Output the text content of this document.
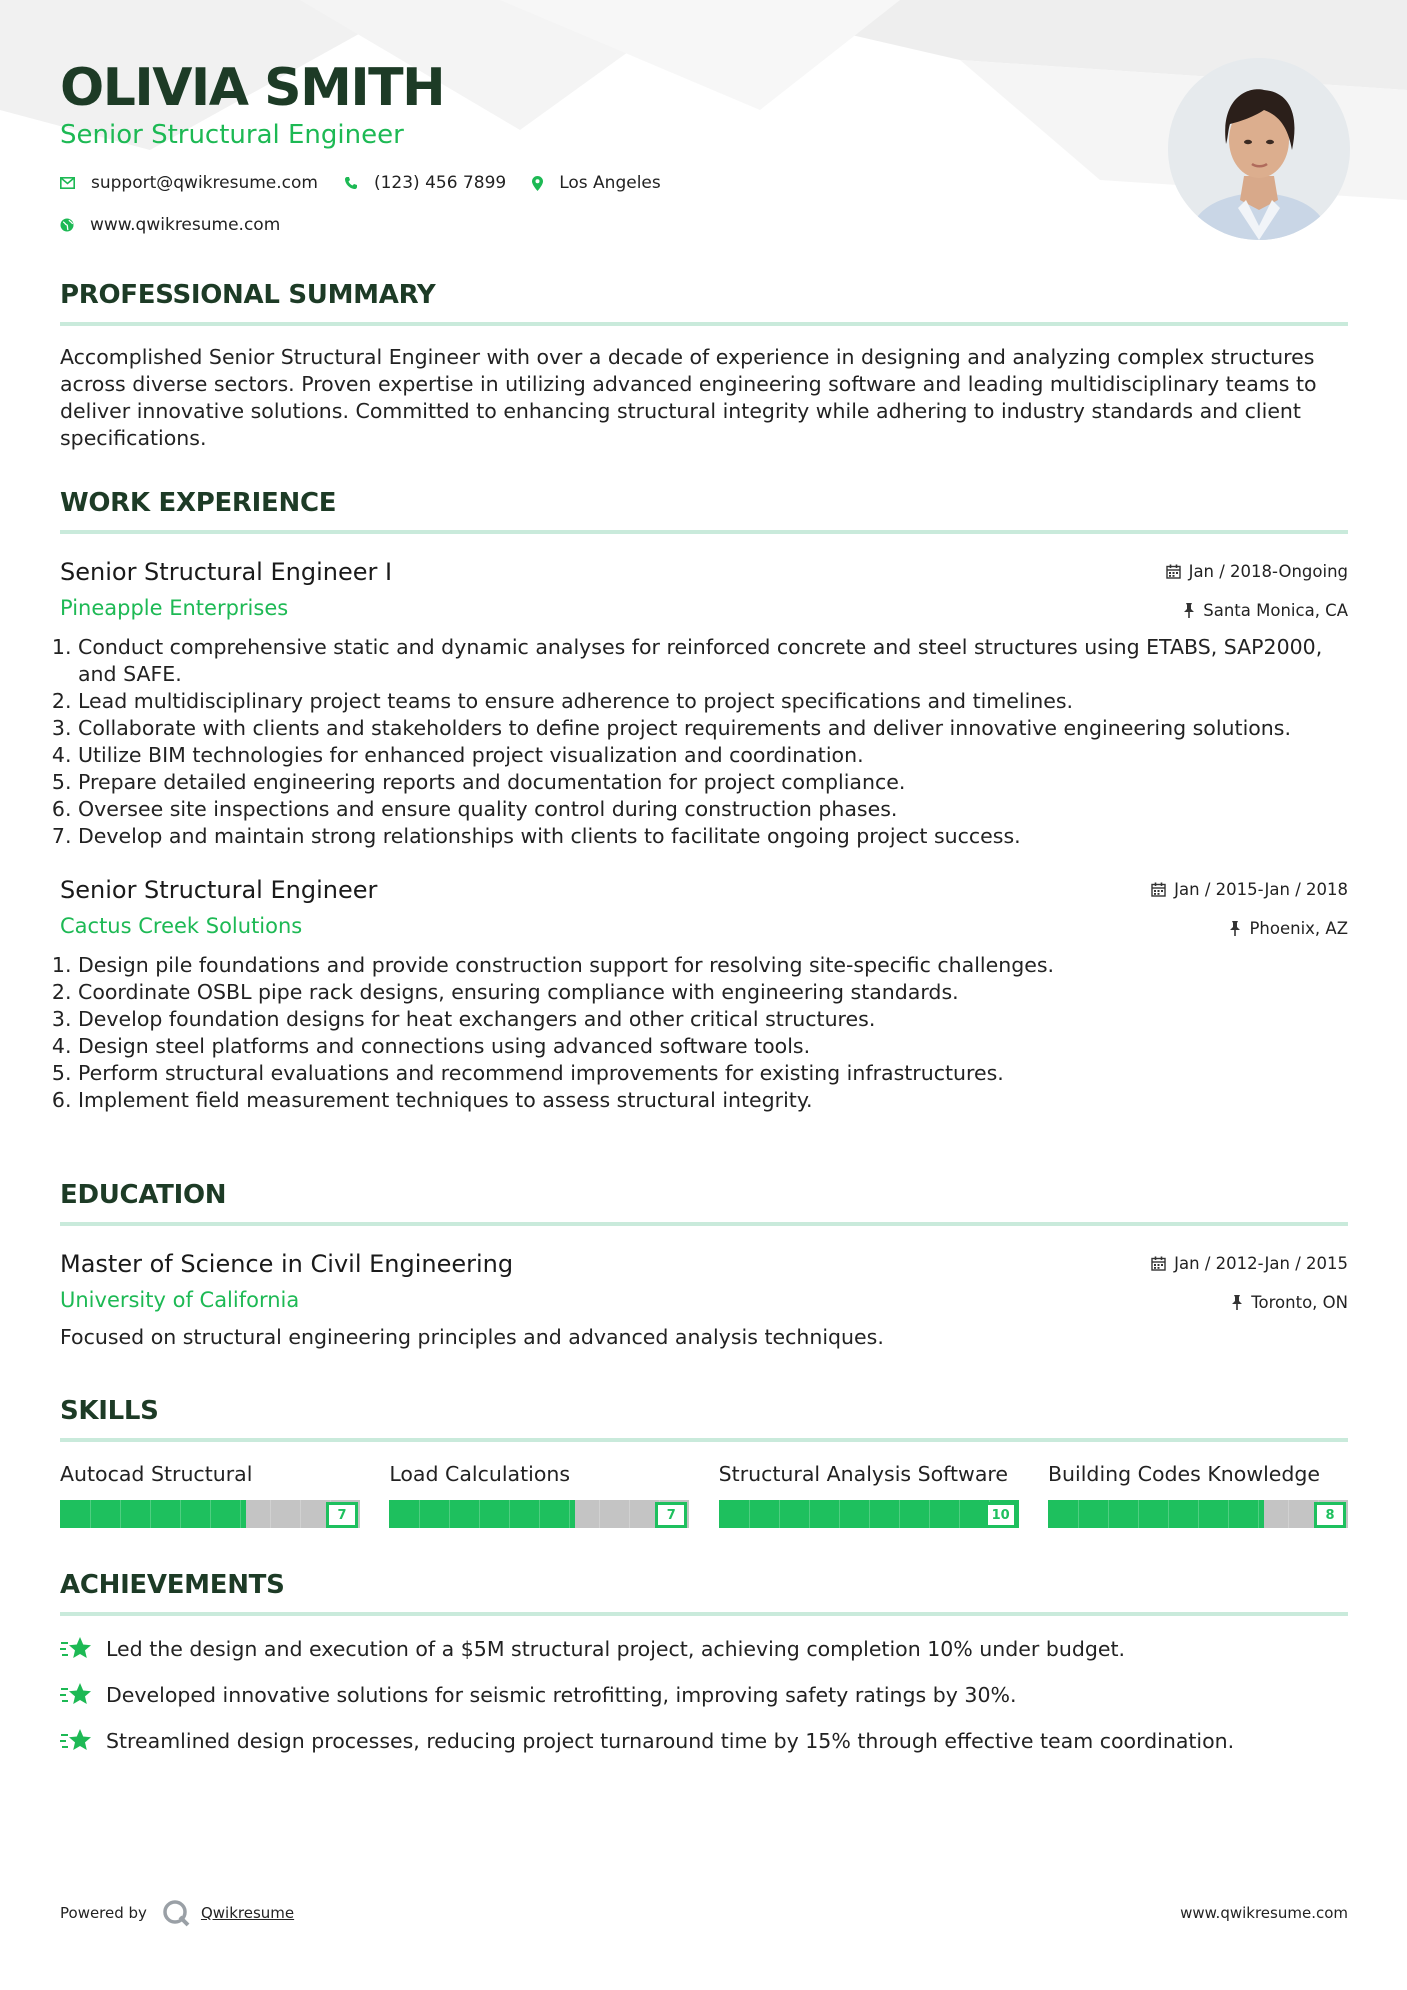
OLIVIA SMITH
Senior Structural Engineer
support@qwikresume.com	(123) 456 7899	Los Angeles
www.qwikresume.com
PROFESSIONAL SUMMARY

Accomplished Senior Structural Engineer with over a decade of experience in designing and analyzing complex structures across diverse sectors. Proven expertise in utilizing advanced engineering software and leading multidisciplinary teams to deliver innovative solutions. Committed to enhancing structural integrity while adhering to industry standards and client specifications.

WORK EXPERIENCE
Senior Structural Engineer I	Jan / 2018-Ongoing
Pineapple Enterprises	Santa Monica, CA
1. Conduct comprehensive static and dynamic analyses for reinforced concrete and steel structures using ETABS, SAP2000, and SAFE.
2. Lead multidisciplinary project teams to ensure adherence to project specifications and timelines.
3. Collaborate with clients and stakeholders to define project requirements and deliver innovative engineering solutions.
4. Utilize BIM technologies for enhanced project visualization and coordination.
5. Prepare detailed engineering reports and documentation for project compliance.
6. Oversee site inspections and ensure quality control during construction phases.
7. Develop and maintain strong relationships with clients to facilitate ongoing project success.
Senior Structural Engineer	Jan / 2015-Jan / 2018
Cactus Creek Solutions	Phoenix, AZ
1. Design pile foundations and provide construction support for resolving site-specific challenges.
2. Coordinate OSBL pipe rack designs, ensuring compliance with engineering standards.
3. Develop foundation designs for heat exchangers and other critical structures.
4. Design steel platforms and connections using advanced software tools.
5. Perform structural evaluations and recommend improvements for existing infrastructures.
6. Implement field measurement techniques to assess structural integrity.
EDUCATION
Master of Science in Civil Engineering	Jan / 2012-Jan / 2015
University of California	Toronto, ON

Focused on structural engineering principles and advanced analysis techniques.

SKILLS
Autocad Structural
7
Load Calculations
7
Structural Analysis Software
10
Building Codes Knowledge
8
ACHIEVEMENTS
Led the design and execution of a $5M structural project, achieving completion 10% under budget.
Developed innovative solutions for seismic retrofitting, improving safety ratings by 30%.
Streamlined design processes, reducing project turnaround time by 15% through effective team coordination.
Powered by	Qwikresume	www.qwikresume.com
